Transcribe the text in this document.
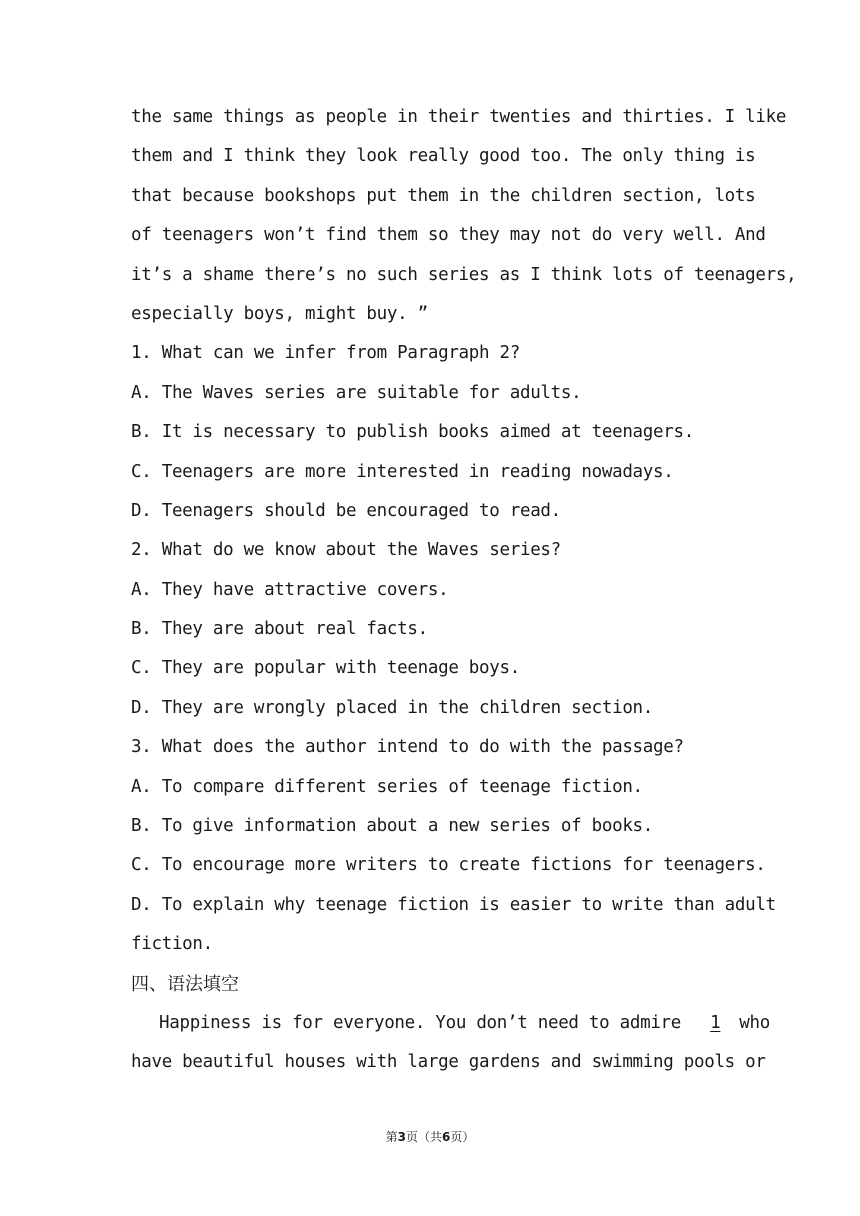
the same things as people in their twenties and thirties. I like
them and I think they look really good too. The only thing is
that because bookshops put them in the children section, lots
of teenagers won’t find them so they may not do very well. And
it’s a shame there’s no such series as I think lots of teenagers,
especially boys, might buy. ”
1. What can we infer from Paragraph 2?
A. The Waves series are suitable for adults.
B. It is necessary to publish books aimed at teenagers.
C. Teenagers are more interested in reading nowadays.
D. Teenagers should be encouraged to read.
2. What do we know about the Waves series?
A. They have attractive covers.
B. They are about real facts.
C. They are popular with teenage boys.
D. They are wrongly placed in the children section.
3. What does the author intend to do with the passage?
A. To compare different series of teenage fiction.
B. To give information about a new series of books.
C. To encourage more writers to create fictions for teenagers.
D. To explain why teenage fiction is easier to write than adult
fiction.
四、语法填空
Happiness is for everyone. You don’t need to admire 1 who
have beautiful houses with large gardens and swimming pools or
第3页（共6页）
